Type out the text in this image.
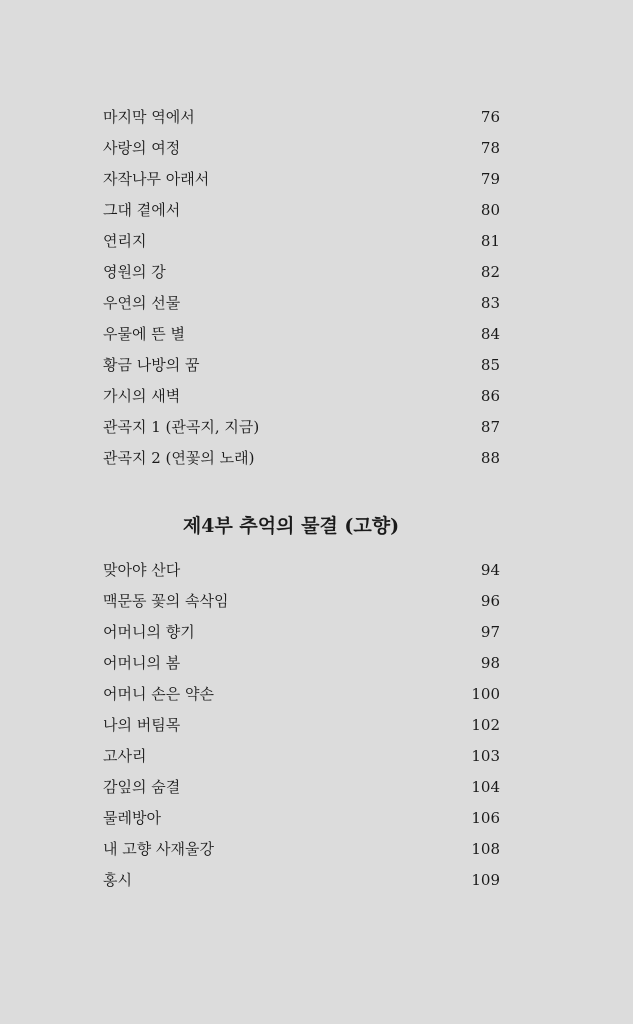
마지막 역에서	76
사랑의 여정	78
자작나무 아래서	79
그대 곁에서	80
연리지	81
영원의 강	82
우연의 선물	83
우물에 뜬 별	84
황금 나방의 꿈	85
가시의 새벽	86
관곡지 1 (관곡지, 지금)	87
관곡지 2 (연꽃의 노래)	88
제4부 추억의 물결 (고향)
맞아야 산다	94
맥문동 꽃의 속삭임	96
어머니의 향기	97
어머니의 봄	98
어머니 손은 약손	100
나의 버팀목	102
고사리	103
감잎의 숨결	104
물레방아	106
내 고향 사재울강	108
홍시	109
